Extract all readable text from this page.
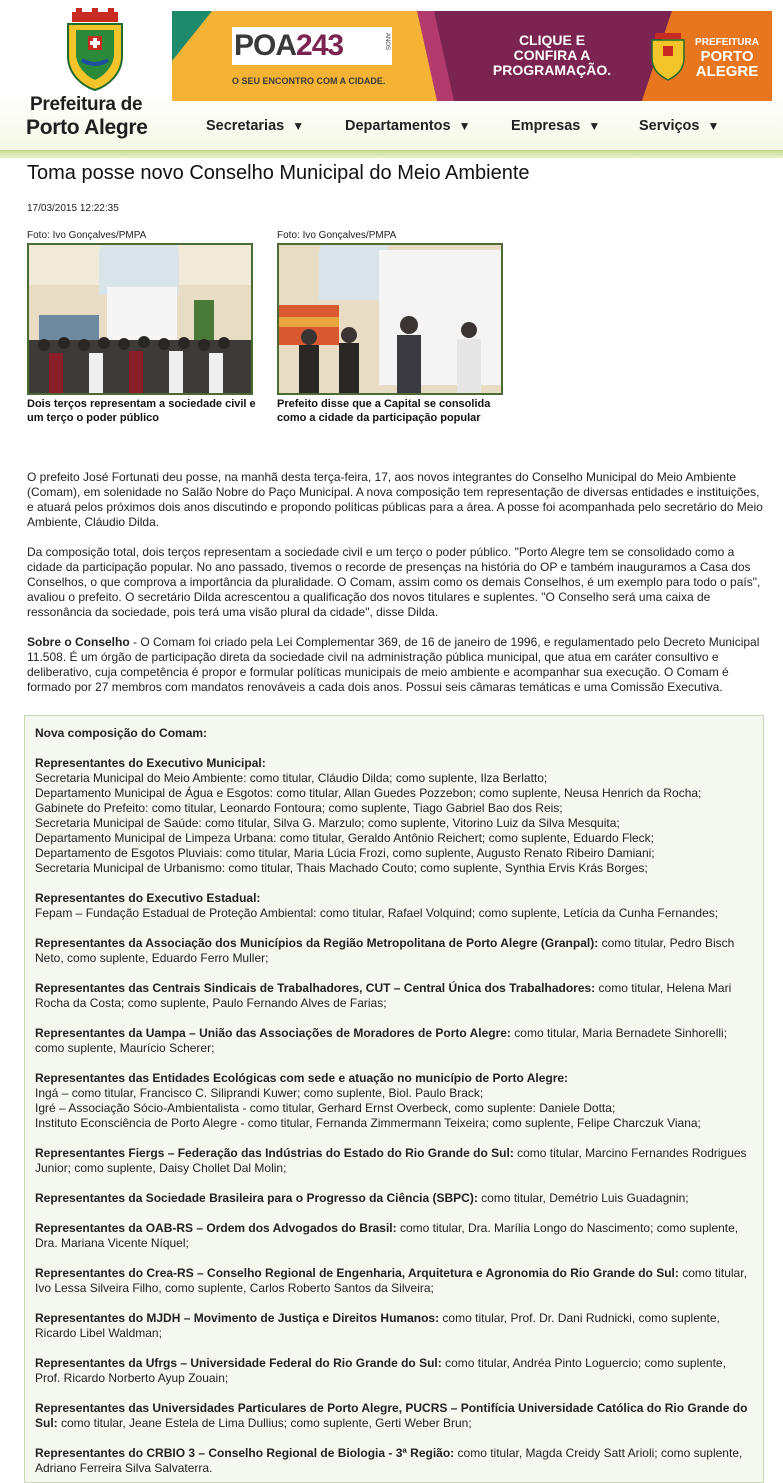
Prefeitura de
Porto Alegre
POA243	ANOS
O SEU ENCONTRO COM A CIDADE.
CLIQUE E
CONFIRA A
PROGRAMAÇÃO.
PREFEITURA
PORTO
ALEGRE
Secretarias ▼	Departamentos ▼	Empresas ▼	Serviços ▼
Toma posse novo Conselho Municipal do Meio Ambiente
17/03/2015 12:22:35
Foto: Ivo Gonçalves/PMPA
Dois terços representam a sociedade civil e um terço o poder público
Foto: Ivo Gonçalves/PMPA
Prefeito disse que a Capital se consolida como a cidade da participação popular

O prefeito José Fortunati deu posse, na manhã desta terça-feira, 17, aos novos integrantes do Conselho Municipal do Meio Ambiente (Comam), em solenidade no Salão Nobre do Paço Municipal. A nova composição tem representação de diversas entidades e instituições, e atuará pelos próximos dois anos discutindo e propondo políticas públicas para a área. A posse foi acompanhada pelo secretário do Meio Ambiente, Cláudio Dilda.

Da composição total, dois terços representam a sociedade civil e um terço o poder público. "Porto Alegre tem se consolidado como a cidade da participação popular. No ano passado, tivemos o recorde de presenças na história do OP e também inauguramos a Casa dos Conselhos, o que comprova a importância da pluralidade. O Comam, assim como os demais Conselhos, é um exemplo para todo o país", avaliou o prefeito. O secretário Dilda acrescentou a qualificação dos novos titulares e suplentes. "O Conselho será uma caixa de ressonância da sociedade, pois terá uma visão plural da cidade", disse Dilda.

Sobre o Conselho - O Comam foi criado pela Lei Complementar 369, de 16 de janeiro de 1996, e regulamentado pelo Decreto Municipal 11.508. É um órgão de participação direta da sociedade civil na administração pública municipal, que atua em caráter consultivo e deliberativo, cuja competência é propor e formular políticas municipais de meio ambiente e acompanhar sua execução. O Comam é formado por 27 membros com mandatos renováveis a cada dois anos. Possui seis câmaras temáticas e uma Comissão Executiva.

Nova composição do Comam:
Representantes do Executivo Municipal:
Secretaria Municipal do Meio Ambiente: como titular, Cláudio Dilda; como suplente, Ilza Berlatto;
Departamento Municipal de Água e Esgotos: como titular, Allan Guedes Pozzebon; como suplente, Neusa Henrich da Rocha;
Gabinete do Prefeito: como titular, Leonardo Fontoura; como suplente, Tiago Gabriel Bao dos Reis;
Secretaria Municipal de Saúde: como titular, Silva G. Marzulo; como suplente, Vitorino Luiz da Silva Mesquita;
Departamento Municipal de Limpeza Urbana: como titular, Geraldo Antônio Reichert; como suplente, Eduardo Fleck;
Departamento de Esgotos Pluviais: como titular, Maria Lúcia Frozi, como suplente, Augusto Renato Ribeiro Damiani;
Secretaria Municipal de Urbanismo: como titular, Thais Machado Couto; como suplente, Synthia Ervis Krás Borges;
Representantes do Executivo Estadual:
Fepam – Fundação Estadual de Proteção Ambiental: como titular, Rafael Volquind; como suplente, Letícia da Cunha Fernandes;
Representantes da Associação dos Municípios da Região Metropolitana de Porto Alegre (Granpal): como titular, Pedro Bisch Neto, como suplente, Eduardo Ferro Muller;
Representantes das Centrais Sindicais de Trabalhadores, CUT – Central Única dos Trabalhadores: como titular, Helena Mari Rocha da Costa; como suplente, Paulo Fernando Alves de Farias;
Representantes da Uampa – União das Associações de Moradores de Porto Alegre: como titular, Maria Bernadete Sinhorelli; como suplente, Maurício Scherer;
Representantes das Entidades Ecológicas com sede e atuação no município de Porto Alegre:
Ingá – como titular, Francisco C. Siliprandi Kuwer; como suplente, Biol. Paulo Brack;
Igré – Associação Sócio-Ambientalista - como titular, Gerhard Ernst Overbeck, como suplente: Daniele Dotta;
Instituto Econsciência de Porto Alegre - como titular, Fernanda Zimmermann Teixeira; como suplente, Felipe Charczuk Viana;
Representantes Fiergs – Federação das Indústrias do Estado do Rio Grande do Sul: como titular, Marcino Fernandes Rodrigues Junior; como suplente, Daisy Chollet Dal Molin;
Representantes da Sociedade Brasileira para o Progresso da Ciência (SBPC): como titular, Demétrio Luis Guadagnin;
Representantes da OAB-RS – Ordem dos Advogados do Brasil: como titular, Dra. Marília Longo do Nascimento; como suplente, Dra. Mariana Vicente Níquel;
Representantes do Crea-RS – Conselho Regional de Engenharia, Arquitetura e Agronomia do Rio Grande do Sul: como titular, Ivo Lessa Silveira Filho, como suplente, Carlos Roberto Santos da Silveira;
Representantes do MJDH – Movimento de Justiça e Direitos Humanos: como titular, Prof. Dr. Dani Rudnicki, como suplente, Ricardo Libel Waldman;
Representantes da Ufrgs – Universidade Federal do Rio Grande do Sul: como titular, Andréa Pinto Loguercio; como suplente, Prof. Ricardo Norberto Ayup Zouain;
Representantes das Universidades Particulares de Porto Alegre, PUCRS – Pontifícia Universidade Católica do Rio Grande do Sul: como titular, Jeane Estela de Lima Dullius; como suplente, Gerti Weber Brun;
Representantes do CRBIO 3 – Conselho Regional de Biologia - 3ª Região: como titular, Magda Creidy Satt Arioli; como suplente, Adriano Ferreira Silva Salvaterra.
